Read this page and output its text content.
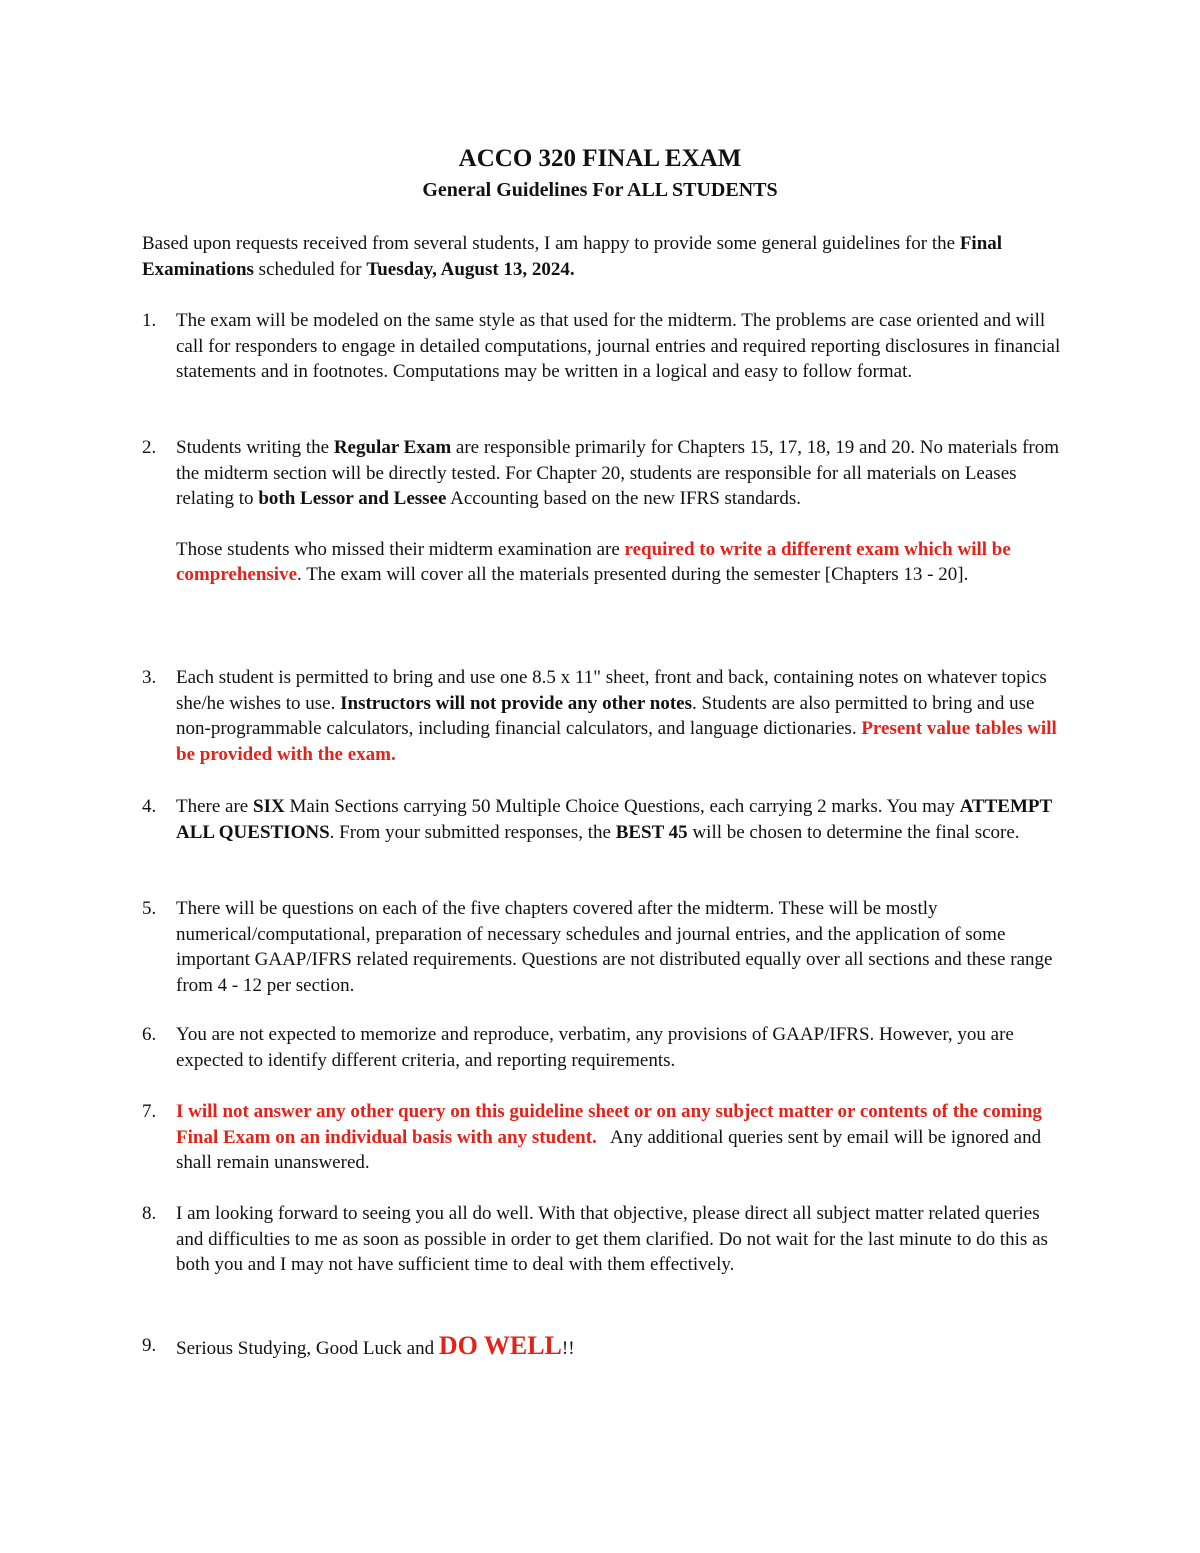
ACCO 320 FINAL EXAM
General Guidelines For ALL STUDENTS
Based upon requests received from several students, I am happy to provide some general guidelines for the Final Examinations scheduled for Tuesday, August 13, 2024.
1.	The exam will be modeled on the same style as that used for the midterm. The problems are case oriented and will call for responders to engage in detailed computations, journal entries and required reporting disclosures in financial statements and in footnotes. Computations may be written in a logical and easy to follow format.
2.	Students writing the Regular Exam are responsible primarily for Chapters 15, 17, 18, 19 and 20. No materials from the midterm section will be directly tested. For Chapter 20, students are responsible for all materials on Leases relating to both Lessor and Lessee Accounting based on the new IFRS standards.
Those students who missed their midterm examination are required to write a different exam which will be comprehensive. The exam will cover all the materials presented during the semester [Chapters 13 - 20].
3.	Each student is permitted to bring and use one 8.5 x 11" sheet, front and back, containing notes on whatever topics she/he wishes to use. Instructors will not provide any other notes. Students are also permitted to bring and use non-programmable calculators, including financial calculators, and language dictionaries. Present value tables will be provided with the exam.
4.	There are SIX Main Sections carrying 50 Multiple Choice Questions, each carrying 2 marks. You may ATTEMPT ALL QUESTIONS. From your submitted responses, the BEST 45 will be chosen to determine the final score.
5.	There will be questions on each of the five chapters covered after the midterm. These will be mostly numerical/computational, preparation of necessary schedules and journal entries, and the application of some important GAAP/IFRS related requirements. Questions are not distributed equally over all sections and these range from 4 - 12 per section.
6.	You are not expected to memorize and reproduce, verbatim, any provisions of GAAP/IFRS. However, you are expected to identify different criteria, and reporting requirements.
7.	I will not answer any other query on this guideline sheet or on any subject matter or contents of the coming Final Exam on an individual basis with any student.   Any additional queries sent by email will be ignored and shall remain unanswered.
8.	I am looking forward to seeing you all do well. With that objective, please direct all subject matter related queries and difficulties to me as soon as possible in order to get them clarified. Do not wait for the last minute to do this as both you and I may not have sufficient time to deal with them effectively.
9.	Serious Studying, Good Luck and DO WELL!!
